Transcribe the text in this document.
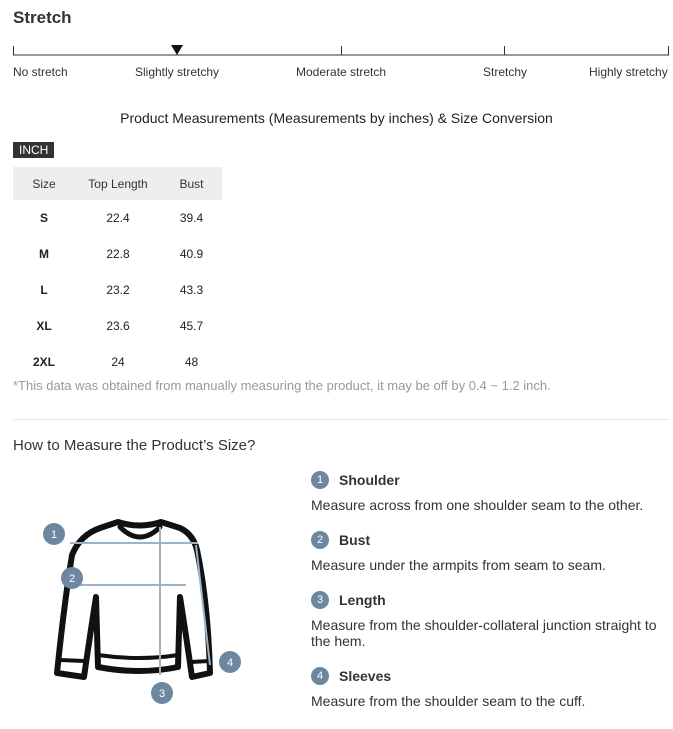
Stretch
No stretch	Slightly stretchy	Moderate stretch	Stretchy	Highly stretchy
Product Measurements (Measurements by inches) & Size Conversion
INCH
Size	Top Length	Bust
S	22.4	39.4
M	22.8	40.9
L	23.2	43.3
XL	23.6	45.7
2XL	24	48
*This data was obtained from manually measuring the product, it may be off by 0.4 ~ 1.2 inch.
How to Measure the Product’s Size?
1
2
3
4
1	Shoulder
Measure across from one shoulder seam to the other.
2	Bust
Measure under the armpits from seam to seam.
3	Length
Measure from the shoulder-collateral junction straight to the hem.
4	Sleeves
Measure from the shoulder seam to the cuff.
